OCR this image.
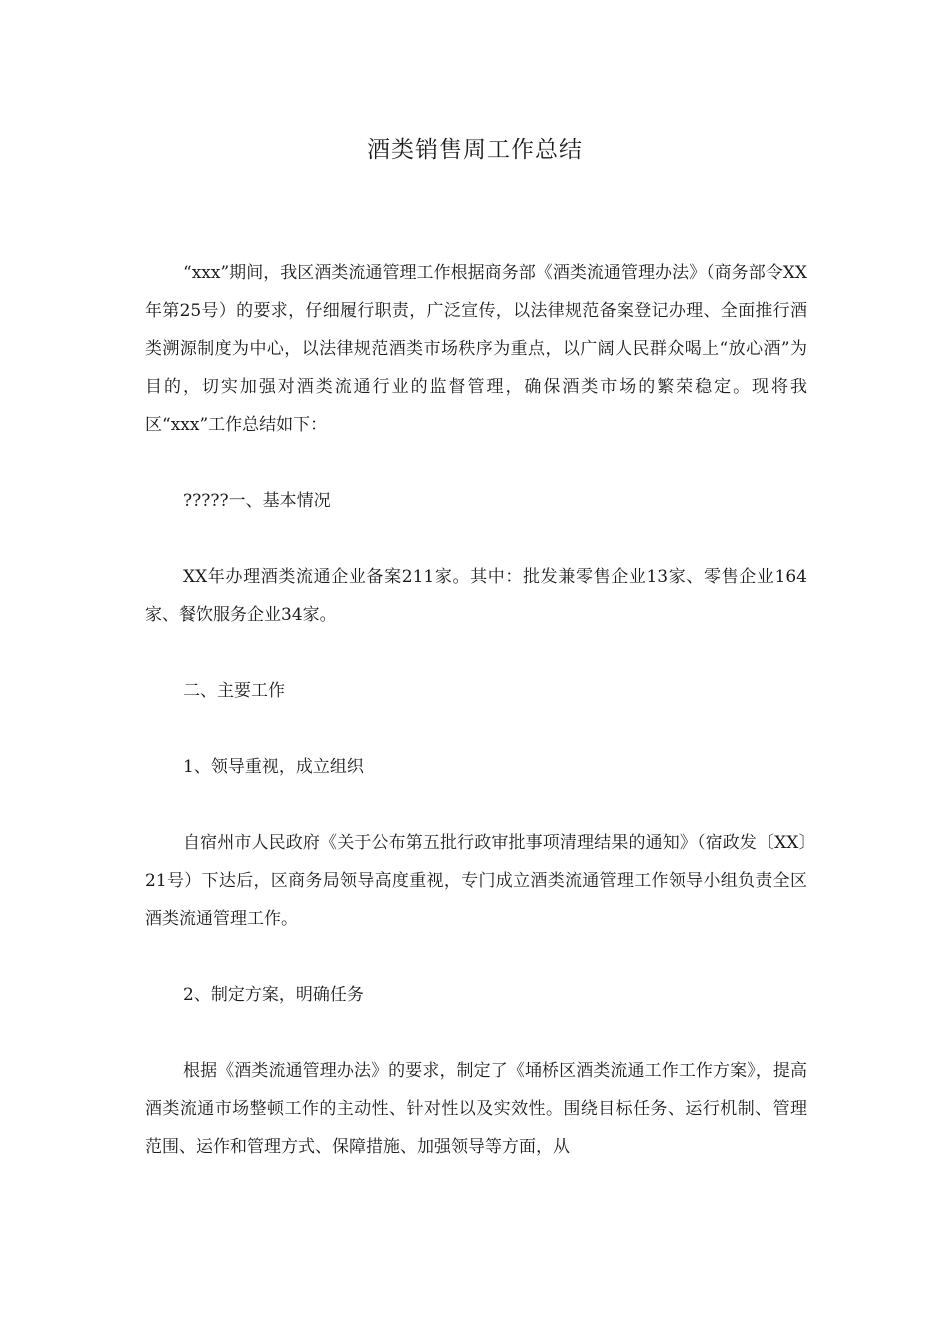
酒类销售周工作总结

“xxx”期间，我区酒类流通管理工作根据商务部《酒类流通管理办法》（商务部令XX年第25号）的要求，仔细履行职责，广泛宣传，以法律规范备案登记办理、全面推行酒类溯源制度为中心，以法律规范酒类市场秩序为重点，以广阔人民群众喝上“放心酒”为目的，切实加强对酒类流通行业的监督管理，确保酒类市场的繁荣稳定。现将我区“xxx”工作总结如下：

?????一、基本情况

XX年办理酒类流通企业备案211家。其中：批发兼零售企业13家、零售企业164家、餐饮服务企业34家。

二、主要工作

1、领导重视，成立组织

自宿州市人民政府《关于公布第五批行政审批事项清理结果的通知》（宿政发〔XX〕21号）下达后，区商务局领导高度重视，专门成立酒类流通管理工作领导小组负责全区酒类流通管理工作。

2、制定方案，明确任务

根据《酒类流通管理办法》的要求，制定了《埇桥区酒类流通工作工作方案》，提高酒类流通市场整顿工作的主动性、针对性以及实效性。围绕目标任务、运行机制、管理范围、运作和管理方式、保障措施、加强领导等方面，从
